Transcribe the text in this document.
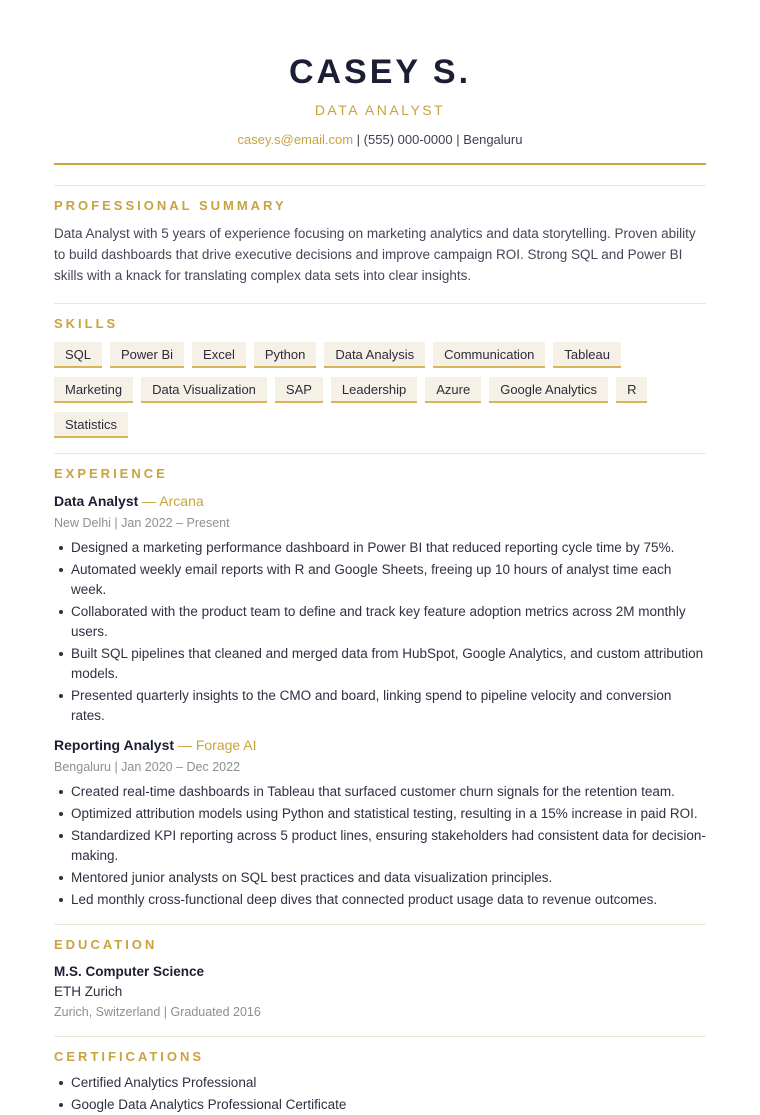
CASEY S.
DATA ANALYST
casey.s@email.com | (555) 000-0000 | Bengaluru
PROFESSIONAL SUMMARY
Data Analyst with 5 years of experience focusing on marketing analytics and data storytelling. Proven ability to build dashboards that drive executive decisions and improve campaign ROI. Strong SQL and Power BI skills with a knack for translating complex data sets into clear insights.
SKILLS
SQL	Power Bi	Excel	Python	Data Analysis	Communication	Tableau
Marketing	Data Visualization	SAP	Leadership	Azure	Google Analytics	R
Statistics
EXPERIENCE
Data Analyst — Arcana
New Delhi | Jan 2022 – Present
Designed a marketing performance dashboard in Power BI that reduced reporting cycle time by 75%.
Automated weekly email reports with R and Google Sheets, freeing up 10 hours of analyst time each week.
Collaborated with the product team to define and track key feature adoption metrics across 2M monthly users.
Built SQL pipelines that cleaned and merged data from HubSpot, Google Analytics, and custom attribution models.
Presented quarterly insights to the CMO and board, linking spend to pipeline velocity and conversion rates.
Reporting Analyst — Forage AI
Bengaluru | Jan 2020 – Dec 2022
Created real-time dashboards in Tableau that surfaced customer churn signals for the retention team.
Optimized attribution models using Python and statistical testing, resulting in a 15% increase in paid ROI.
Standardized KPI reporting across 5 product lines, ensuring stakeholders had consistent data for decision-making.
Mentored junior analysts on SQL best practices and data visualization principles.
Led monthly cross-functional deep dives that connected product usage data to revenue outcomes.
EDUCATION
M.S. Computer Science
ETH Zurich
Zurich, Switzerland | Graduated 2016
CERTIFICATIONS
Certified Analytics Professional
Google Data Analytics Professional Certificate
